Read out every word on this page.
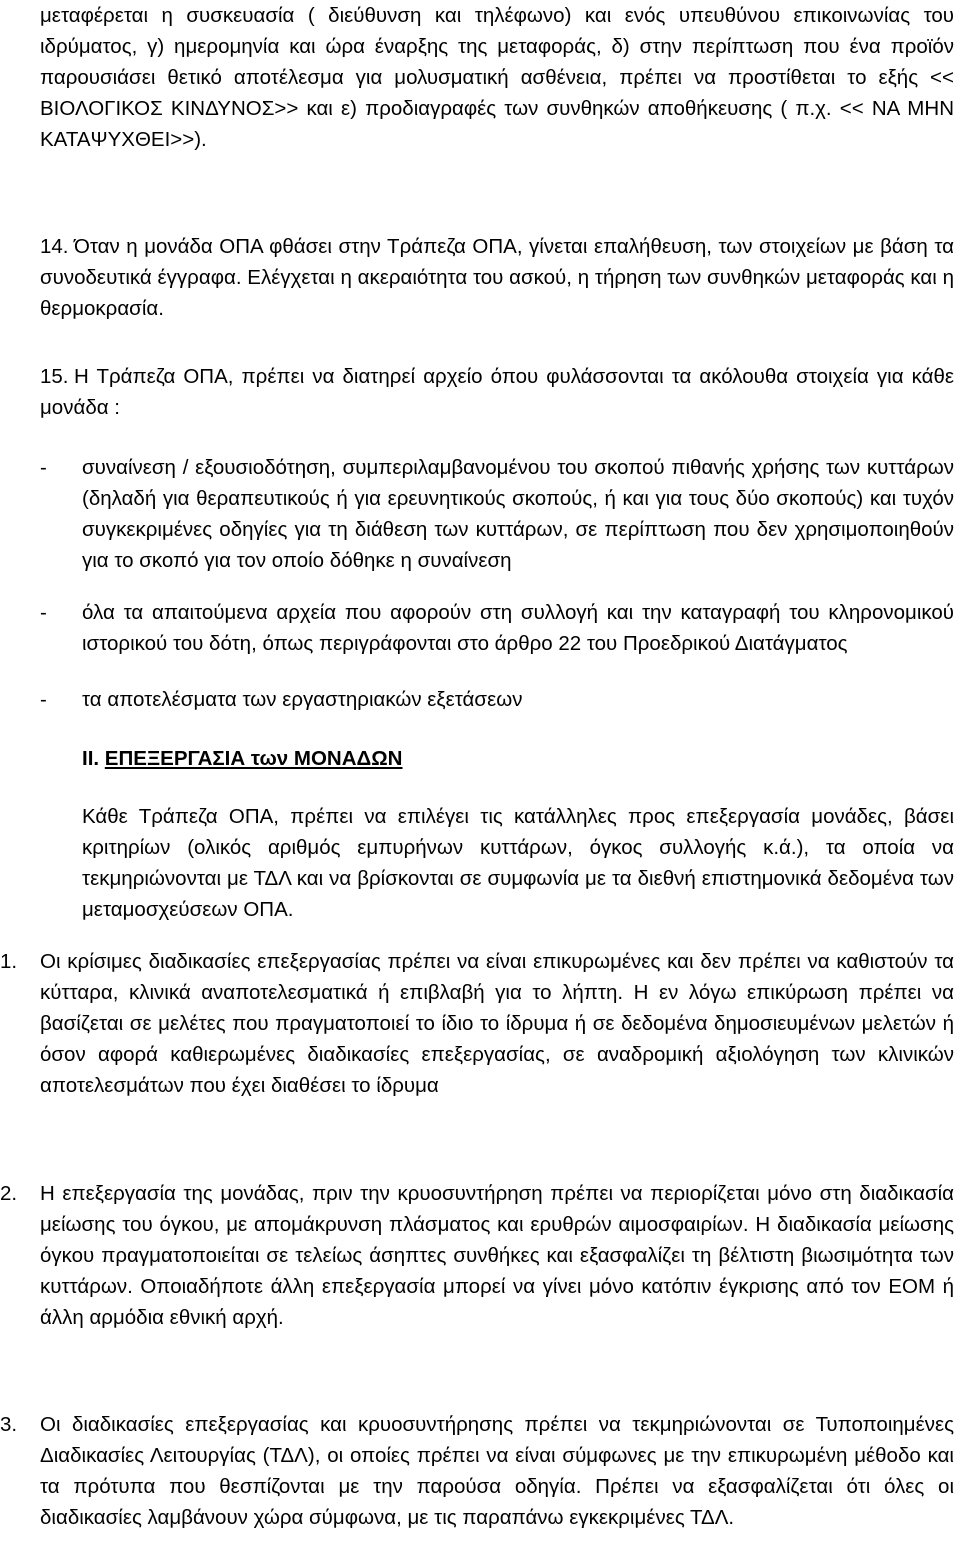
μεταφέρεται η συσκευασία ( διεύθυνση και τηλέφωνο) και ενός υπευθύνου επικοινωνίας του ιδρύματος, γ) ημερομηνία και ώρα έναρξης της μεταφοράς, δ) στην περίπτωση που ένα προϊόν παρουσιάσει θετικό αποτέλεσμα για μολυσματική ασθένεια, πρέπει να προστίθεται το εξής << ΒΙΟΛΟΓΙΚΟΣ ΚΙΝΔΥΝΟΣ>> και ε) προδιαγραφές των συνθηκών αποθήκευσης ( π.χ. << ΝΑ ΜΗΝ ΚΑΤΑΨΥΧΘΕΙ>>).
14. Όταν η μονάδα ΟΠΑ φθάσει στην Τράπεζα ΟΠΑ, γίνεται επαλήθευση, των στοιχείων με βάση τα συνοδευτικά έγγραφα. Ελέγχεται η ακεραιότητα του ασκού, η τήρηση των συνθηκών μεταφοράς και η θερμοκρασία.
15. Η Τράπεζα ΟΠΑ, πρέπει να διατηρεί αρχείο όπου φυλάσσονται τα ακόλουθα στοιχεία για κάθε μονάδα :
- συναίνεση / εξουσιοδότηση, συμπεριλαμβανομένου του σκοπού πιθανής χρήσης των κυττάρων (δηλαδή για θεραπευτικούς ή για ερευνητικούς σκοπούς, ή και για τους δύο σκοπούς) και τυχόν συγκεκριμένες οδηγίες για τη διάθεση των κυττάρων, σε περίπτωση που δεν χρησιμοποιηθούν για το σκοπό για τον οποίο δόθηκε η συναίνεση
- όλα τα απαιτούμενα αρχεία που αφορούν στη συλλογή και την καταγραφή του κληρονομικού ιστορικού του δότη, όπως περιγράφονται στο άρθρο 22 του Προεδρικού Διατάγματος
- τα αποτελέσματα των εργαστηριακών εξετάσεων
ΙΙ. ΕΠΕΞΕΡΓΑΣΙΑ των ΜΟΝΑΔΩΝ
Κάθε Τράπεζα ΟΠΑ, πρέπει να επιλέγει τις κατάλληλες προς επεξεργασία μονάδες, βάσει κριτηρίων (ολικός αριθμός εμπυρήνων κυττάρων, όγκος συλλογής κ.ά.), τα οποία να τεκμηριώνονται με ΤΔΛ και να βρίσκονται σε συμφωνία με τα διεθνή επιστημονικά δεδομένα των μεταμοσχεύσεων ΟΠΑ.
1. Οι κρίσιμες διαδικασίες επεξεργασίας πρέπει να είναι επικυρωμένες και δεν πρέπει να καθιστούν τα κύτταρα, κλινικά αναποτελεσματικά ή επιβλαβή για το λήπτη. Η εν λόγω επικύρωση πρέπει να βασίζεται σε μελέτες που πραγματοποιεί το ίδιο το ίδρυμα ή σε δεδομένα δημοσιευμένων μελετών ή όσον αφορά καθιερωμένες διαδικασίες επεξεργασίας, σε αναδρομική αξιολόγηση των κλινικών αποτελεσμάτων που έχει διαθέσει το ίδρυμα
2. Η επεξεργασία της μονάδας, πριν την κρυοσυντήρηση πρέπει να περιορίζεται μόνο στη διαδικασία μείωσης του όγκου, με απομάκρυνση πλάσματος και ερυθρών αιμοσφαιρίων. Η διαδικασία μείωσης όγκου πραγματοποιείται σε τελείως άσηπτες συνθήκες και εξασφαλίζει τη βέλτιστη βιωσιμότητα των κυττάρων. Οποιαδήποτε άλλη επεξεργασία μπορεί να γίνει μόνο κατόπιν έγκρισης από τον ΕΟΜ ή άλλη αρμόδια εθνική αρχή.
3. Οι διαδικασίες επεξεργασίας και κρυοσυντήρησης πρέπει να τεκμηριώνονται σε Τυποποιημένες Διαδικασίες Λειτουργίας (ΤΔΛ), οι οποίες πρέπει να είναι σύμφωνες με την επικυρωμένη μέθοδο και τα πρότυπα που θεσπίζονται με την παρούσα οδηγία. Πρέπει να εξασφαλίζεται ότι όλες οι διαδικασίες λαμβάνουν χώρα σύμφωνα, με τις παραπάνω εγκεκριμένες ΤΔΛ.
